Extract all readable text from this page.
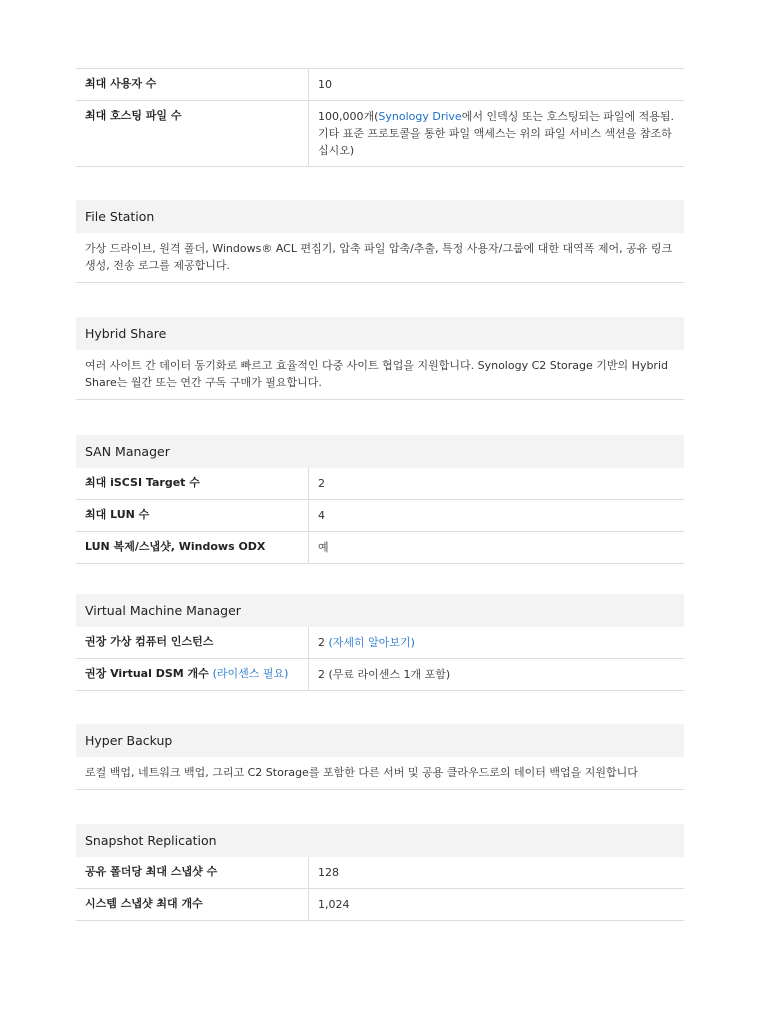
최대 사용자 수	10
최대 호스팅 파일 수	100,000개(Synology Drive에서 인덱싱 또는 호스팅되는 파일에 적용됨. 기타 표준 프로토콜을 통한 파일 액세스는 위의 파일 서비스 섹션을 참조하십시오)
File Station
가상 드라이브, 원격 폴더, Windows® ACL 편집기, 압축 파일 압축/추출, 특정 사용자/그룹에 대한 대역폭 제어, 공유 링크 생성, 전송 로그를 제공합니다.
Hybrid Share
여러 사이트 간 데이터 동기화로 빠르고 효율적인 다중 사이트 협업을 지원합니다. Synology C2 Storage 기반의 Hybrid Share는 월간 또는 연간 구독 구매가 필요합니다.
SAN Manager
최대 iSCSI Target 수	2
최대 LUN 수	4
LUN 복제/스냅샷, Windows ODX	예
Virtual Machine Manager
권장 가상 컴퓨터 인스턴스	2 (자세히 알아보기)
권장 Virtual DSM 개수 (라이센스 필요)	2 (무료 라이센스 1개 포함)
Hyper Backup
로컬 백업, 네트워크 백업, 그리고 C2 Storage를 포함한 다른 서버 및 공용 클라우드로의 데이터 백업을 지원합니다
Snapshot Replication
공유 폴더당 최대 스냅샷 수	128
시스템 스냅샷 최대 개수	1,024
